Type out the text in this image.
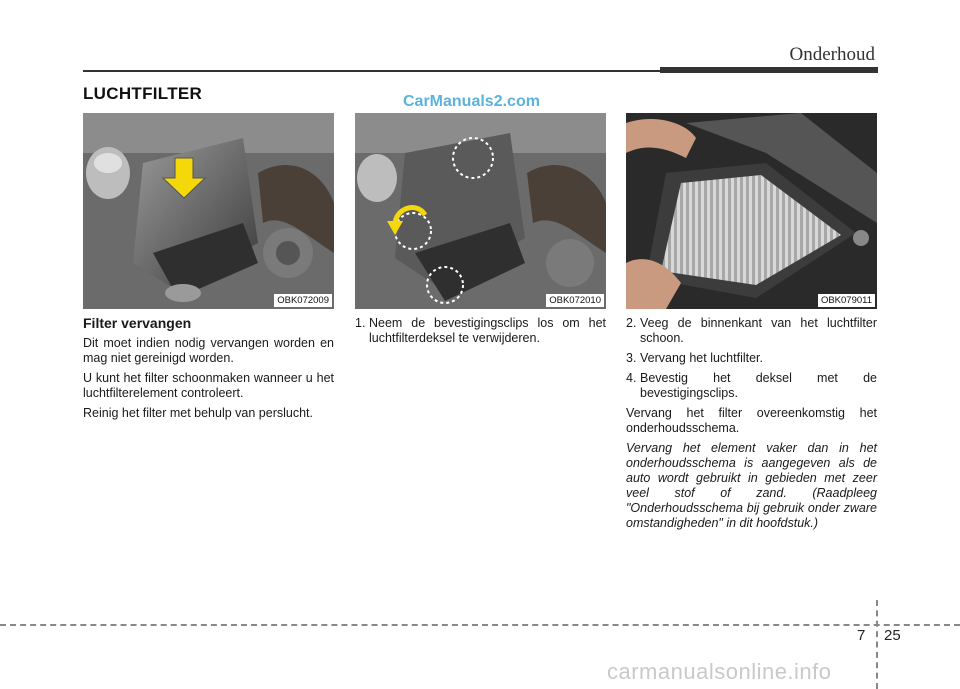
Onderhoud
LUCHTFILTER	CarManuals2.com
OBK072009	OBK072010	OBK079011
Filter vervangen

Dit moet indien nodig vervangen worden en mag niet gereinigd worden.

U kunt het filter schoonmaken wanneer u het luchtfilterelement controleert.

Reinig het filter met behulp van perslucht.

1. Neem de bevestigingsclips los om het luchtfilterdeksel te verwijderen.
2. Veeg de binnenkant van het luchtfilter schoon.
3. Vervang het luchtfilter.
4. Bevestig het deksel met de bevestigingsclips.

Vervang het filter overeenkomstig het onderhoudsschema.

Vervang het element vaker dan in het onderhoudsschema is aangegeven als de auto wordt gebruikt in gebieden met zeer veel stof of zand. (Raadpleeg "Onderhoudsschema bij gebruik onder zware omstandigheden" in dit hoofdstuk.)

7 25
carmanualsonline.info
